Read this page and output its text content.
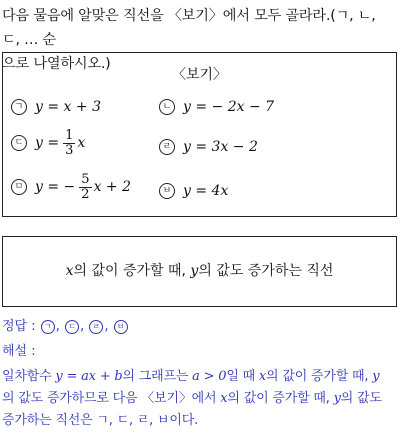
다음 물음에 알맞은 직선을 〈보기〉에서 모두 골라라.(ㄱ, ㄴ, ㄷ, … 순
으로 나열하시오.)
〈보기〉
ㄱ y = x + 3	ㄴ y = − 2x − 7
ㄷ $y = \frac{1}{3}$ x	ㄹ y = 3x − 2
ㅁ y = − $\frac{5}{2}$ x + 2	ㅂ y = 4x
x의 값이 증가할 때, y의 값도 증가하는 직선
정답 : ㄱ , ㄷ , ㄹ , ㅂ
해설 :
일차함수 y = ax + b의 그래프는 a > 0일 때 x의 값이 증가할 때, y
의 값도 증가하므로 다음 〈보기〉에서 x의 값이 증가할 때, y의 값도
증가하는 직선은 ㄱ, ㄷ, ㄹ, ㅂ이다.
